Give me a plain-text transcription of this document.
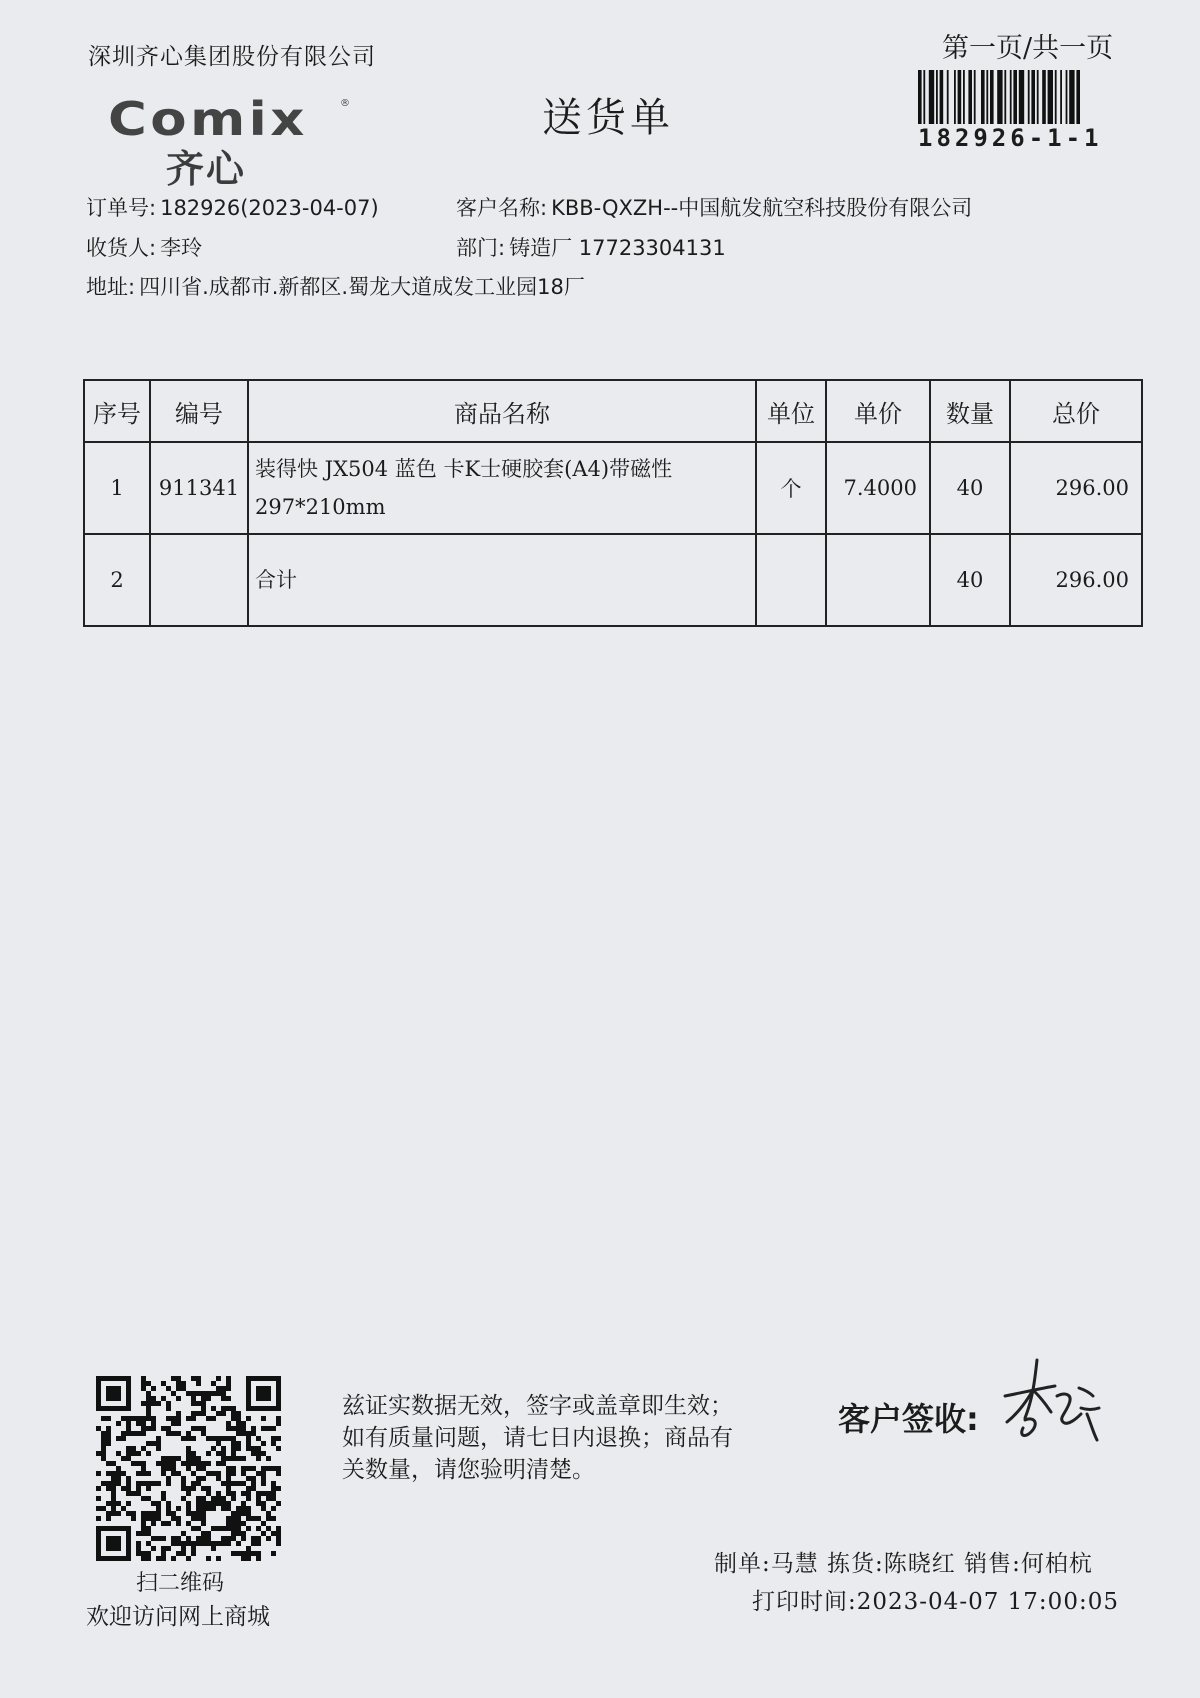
深圳齐心集团股份有限公司
Comix	®
齐心
送货单
第一页/共一页
182926-1-1
订单号: 182926(2023-04-07)	客户名称: KBB-QXZH--中国航发航空科技股份有限公司
收货人: 李玲	部门: 铸造厂 17723304131
地址: 四川省.成都市.新都区.蜀龙大道成发工业园18厂
序号	编号	商品名称	单位	单价	数量	总价
1	911341	装得快 JX504 蓝色 卡K士硬胶套(A4)带磁性 297*210mm	个	7.4000	40	296.00
2		合计			40	296.00
扫二维码
欢迎访问网上商城
兹证实数据无效，签字或盖章即生效；如有质量问题，请七日内退换；商品有关数量，请您验明清楚。
客户签收:
制单:马慧 拣货:陈晓红 销售:何柏杭
打印时间:2023-04-07 17:00:05
